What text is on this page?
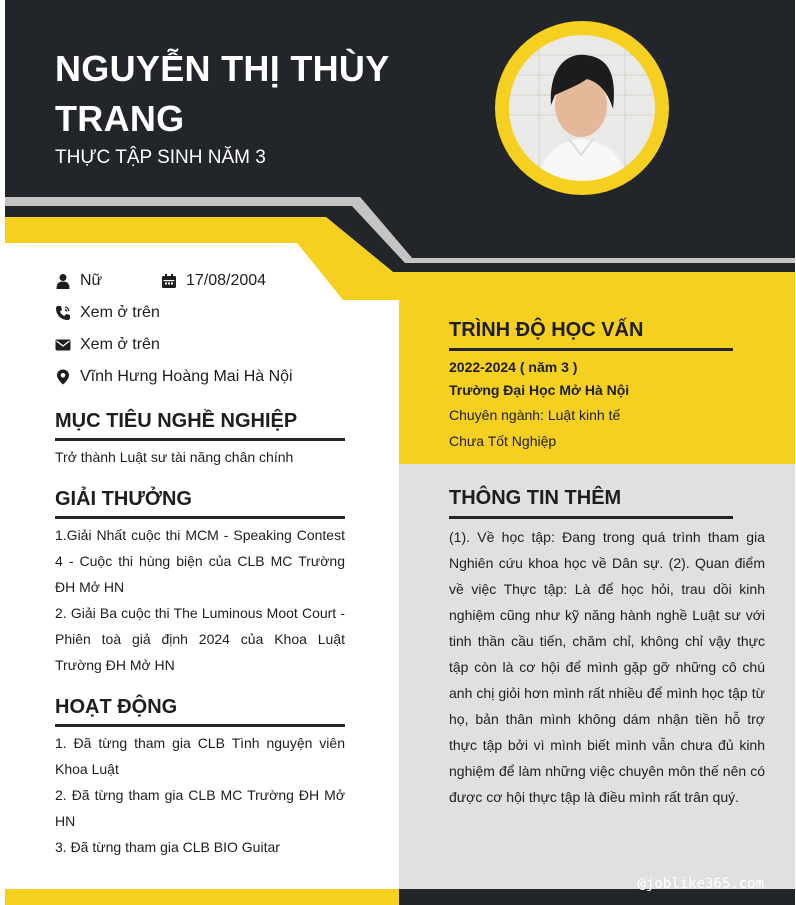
NGUYỄN THỊ THÙY TRANG
THỰC TẬP SINH NĂM 3
Nữ	17/08/2004
Xem ở trên
Xem ở trên
Vĩnh Hưng Hoàng Mai Hà Nội
MỤC TIÊU NGHỀ NGHIỆP

Trở thành Luật sư tài năng chân chính

GIẢI THƯỞNG

1.Giải Nhất cuộc thi MCM - Speaking Contest 4 - Cuộc thi hùng biện của CLB MC Trường ĐH Mở HN

2. Giải Ba cuộc thi The Luminous Moot Court - Phiên toà giả định 2024 của Khoa Luật Trường ĐH Mở HN

HOẠT ĐỘNG

1. Đã từng tham gia CLB Tình nguyện viên Khoa Luật

2. Đã từng tham gia CLB MC Trường ĐH Mở HN

3. Đã từng tham gia CLB BIO Guitar

TRÌNH ĐỘ HỌC VẤN
2022-2024 ( năm 3 )
Trường Đại Học Mở Hà Nội
Chuyên ngành: Luật kinh tế
Chưa Tốt Nghiệp
THÔNG TIN THÊM

(1). Về học tập: Đang trong quá trình tham gia Nghiên cứu khoa học về Dân sự. (2). Quan điểm về việc Thực tập: Là để học hỏi, trau dồi kinh nghiệm cũng như kỹ năng hành nghề Luật sư với tinh thần cầu tiến, chăm chỉ, không chỉ vậy thực tập còn là cơ hội để mình gặp gỡ những cô chú anh chị giỏi hơn mình rất nhiều để mình học tập từ họ, bản thân mình không dám nhận tiền hỗ trợ thực tập bởi vì mình biết mình vẫn chưa đủ kinh nghiệm để làm những việc chuyên môn thế nên có được cơ hội thực tập là điều mình rất trân quý.

@joblike365.com
